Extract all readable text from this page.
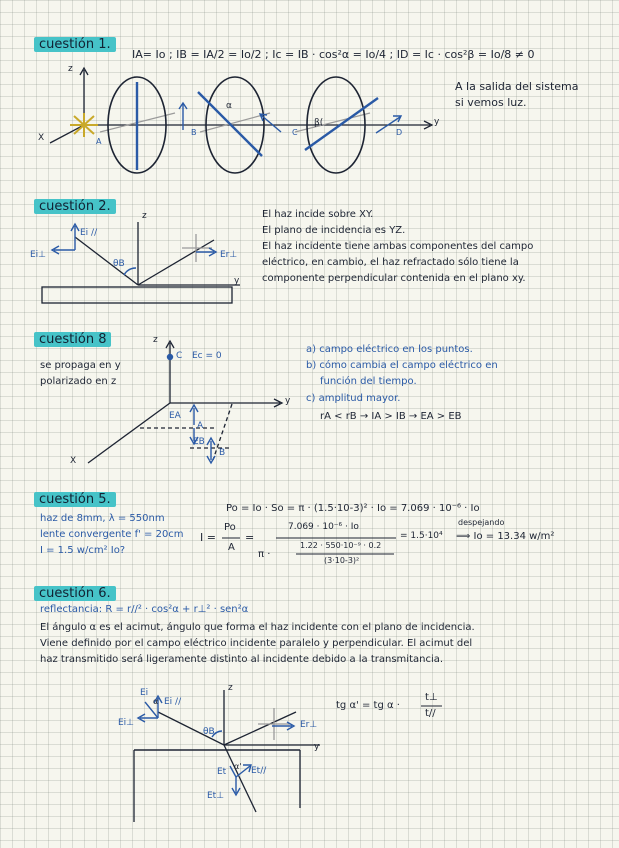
cuestión 1.
IA= Io ; IB = IA/2 = Io/2 ; Ic = IB · cos²α = Io/4 ; ID = Ic · cos²β = Io/8 ≠ 0
A la salida del sistema
si vemos luz.
z
X
y
A
B	C	D
α
β(
cuestión 2.
Ei //
Ei⊥	Er⊥
θB
z
y
El haz incide sobre XY.
El plano de incidencia es YZ.
El haz incidente tiene ambas componentes del campo
eléctrico, en cambio, el haz refractado sólo tiene la
componente perpendicular contenida en el plano xy.
cuestión 8
se propaga en y
polarizado en z
z
y
X
C Ec = 0
EA
A
EB
B
a) campo eléctrico en los puntos.
b) cómo cambia el campo eléctrico en
función del tiempo.
c) amplitud mayor.
rA < rB → IA > IB → EA > EB
cuestión 5.
Po = Io · So = π · (1.5·10-3)² · Io = 7.069 · 10⁻⁶ · Io
haz de 8mm, λ = 550nm
lente convergente f' = 20cm
I = 1.5 w/cm² Io?
I =
Po
A
=
7.069 · 10⁻⁶ · Io
π ·
1.22 · 550·10⁻⁹ · 0.2
(3·10-3)²
= 1.5·10⁴
despejando
⟹ Io = 13.34 w/m²
cuestión 6.
reflectancia: R = r//² · cos²α + r⊥² · sen²α
El ángulo α es el acimut, ángulo que forma el haz incidente con el plano de incidencia.
Viene definido por el campo eléctrico incidente paralelo y perpendicular. El acimut del
haz transmitido será ligeramente distinto al incidente debido a la transmitancia.
Ei
α Ei //
Ei⊥
z
θB
Er⊥
y
Et
α' Et//
Et⊥
tg α' = tg α ·
t⊥
t//
